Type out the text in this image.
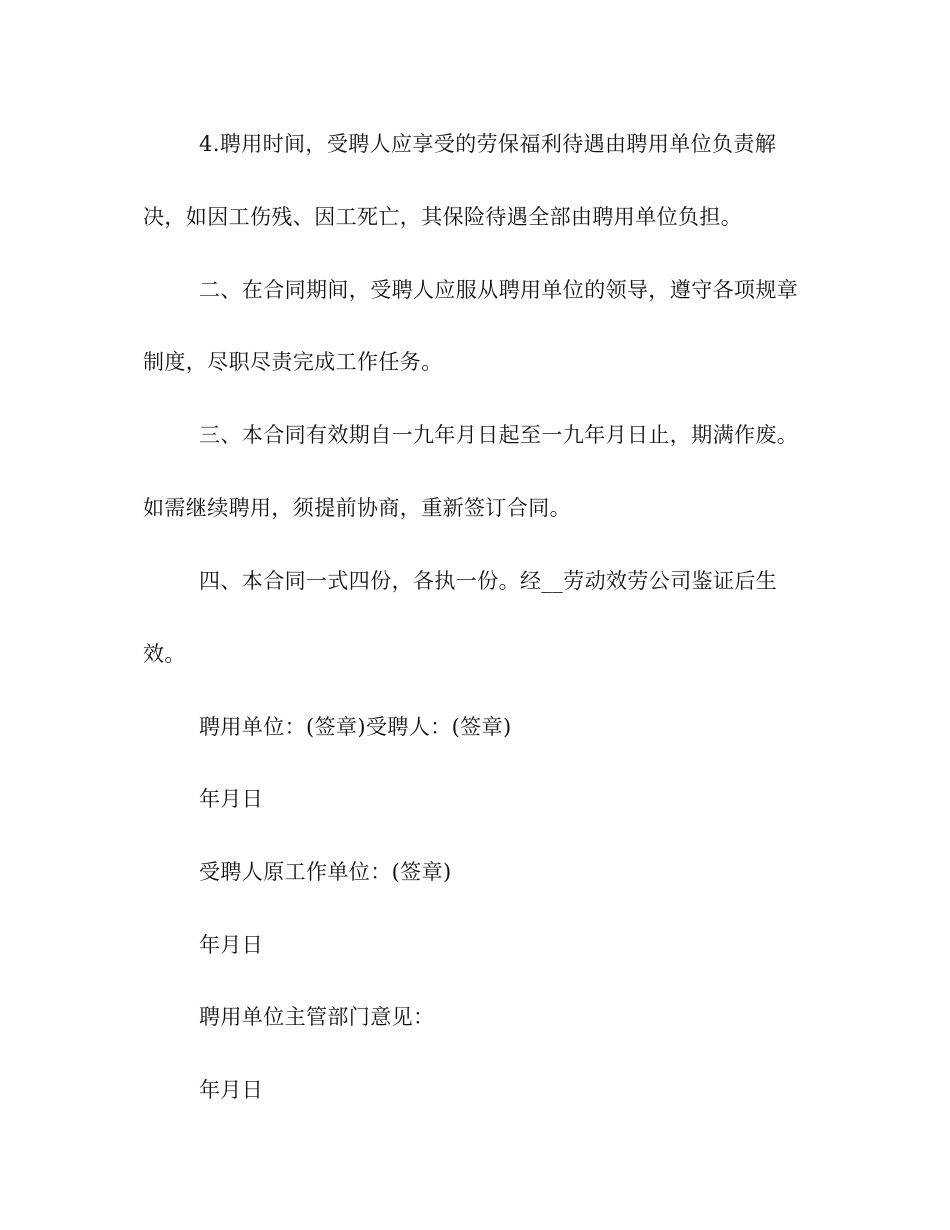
4.聘用时间，受聘人应享受的劳保福利待遇由聘用单位负责解
决，如因工伤残、因工死亡，其保险待遇全部由聘用单位负担。
二、在合同期间，受聘人应服从聘用单位的领导，遵守各项规章
制度，尽职尽责完成工作任务。
三、本合同有效期自一九年月日起至一九年月日止，期满作废。
如需继续聘用，须提前协商，重新签订合同。
四、本合同一式四份，各执一份。经__劳动效劳公司鉴证后生
效。
聘用单位：(签章)受聘人：(签章)
年月日
受聘人原工作单位：(签章)
年月日
聘用单位主管部门意见：
年月日
